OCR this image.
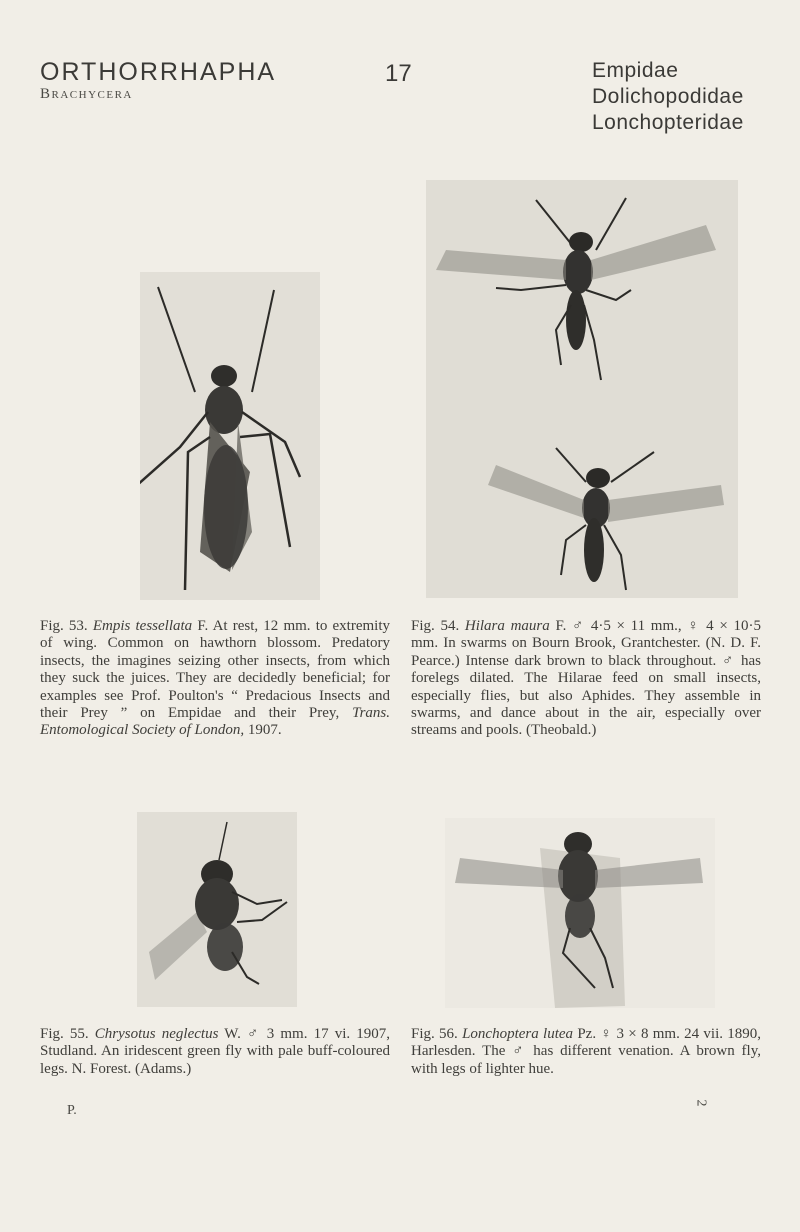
ORTHORRHAPHA
Brachycera
17	Empidae
Dolichopodidae
Lonchopteridae
Fig. 53. Empis tessellata F. At rest, 12 mm. to extremity of wing. Common on hawthorn blossom. Predatory insects, the imagines seizing other insects, from which they suck the juices. They are decidedly beneficial; for examples see Prof. Poulton's “ Predacious Insects and their Prey ” on Empidae and their Prey, Trans. Entomological Society of London, 1907.
Fig. 54. Hilara maura F. ♂ 4·5 × 11 mm., ♀ 4 × 10·5 mm. In swarms on Bourn Brook, Grantchester. (N. D. F. Pearce.) Intense dark brown to black throughout. ♂ has forelegs dilated. The Hilarae feed on small insects, especially flies, but also Aphides. They assemble in swarms, and dance about in the air, especially over streams and pools. (Theobald.)
Fig. 55. Chrysotus neglectus W. ♂ 3 mm. 17 vi. 1907, Studland. An iridescent green fly with pale buff-coloured legs. N. Forest. (Adams.)
Fig. 56. Lonchoptera lutea Pz. ♀ 3 × 8 mm. 24 vii. 1890, Harlesden. The ♂ has different venation. A brown fly, with legs of lighter hue.
P.	2
